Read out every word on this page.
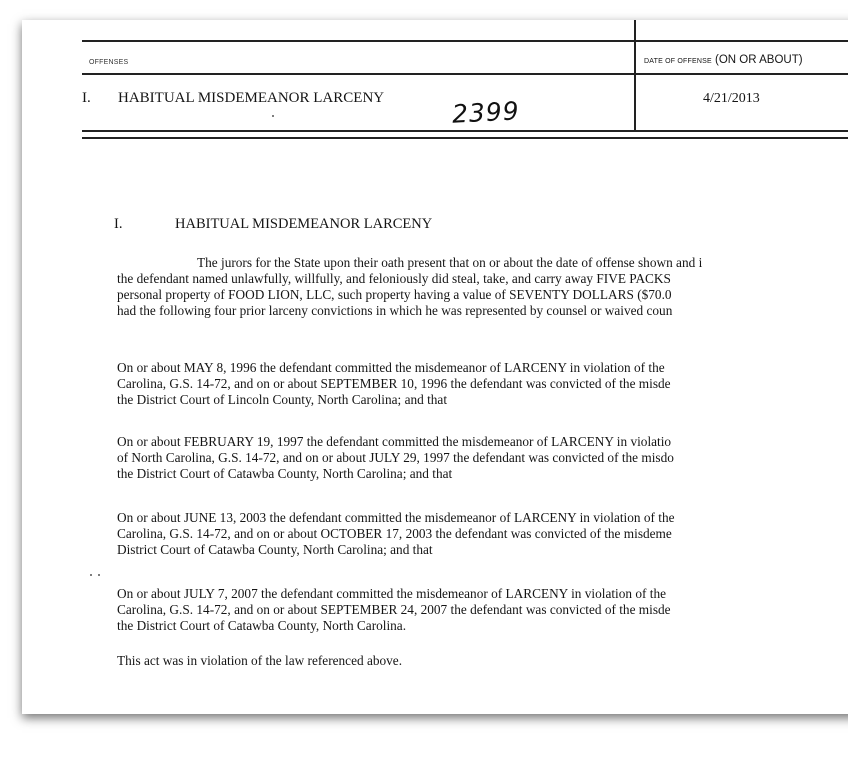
OFFENSES	DATE OF OFFENSE (ON OR ABOUT)
I. HABITUAL MISDEMEANOR LARCENY	2399	4/21/2013
I.	HABITUAL MISDEMEANOR LARCENY
The jurors for the State upon their oath present that on or about the date of offense shown and i
the defendant named unlawfully, willfully, and feloniously did steal, take, and carry away FIVE PACKS
personal property of FOOD LION, LLC, such property having a value of SEVENTY DOLLARS ($70.0
had the following four prior larceny convictions in which he was represented by counsel or waived coun
On or about MAY 8, 1996 the defendant committed the misdemeanor of LARCENY in violation of the
Carolina, G.S. 14-72, and on or about SEPTEMBER 10, 1996 the defendant was convicted of the misde
the District Court of Lincoln County, North Carolina; and that
On or about FEBRUARY 19, 1997 the defendant committed the misdemeanor of LARCENY in violatio
of North Carolina, G.S. 14-72, and on or about JULY 29, 1997 the defendant was convicted of the misdo
the District Court of Catawba County, North Carolina; and that
On or about JUNE 13, 2003 the defendant committed the misdemeanor of LARCENY in violation of the
Carolina, G.S. 14-72, and on or about OCTOBER 17, 2003 the defendant was convicted of the misdeme
District Court of Catawba County, North Carolina; and that
On or about JULY 7, 2007 the defendant committed the misdemeanor of LARCENY in violation of the
Carolina, G.S. 14-72, and on or about SEPTEMBER 24, 2007 the defendant was convicted of the misde
the District Court of Catawba County, North Carolina.
This act was in violation of the law referenced above.
